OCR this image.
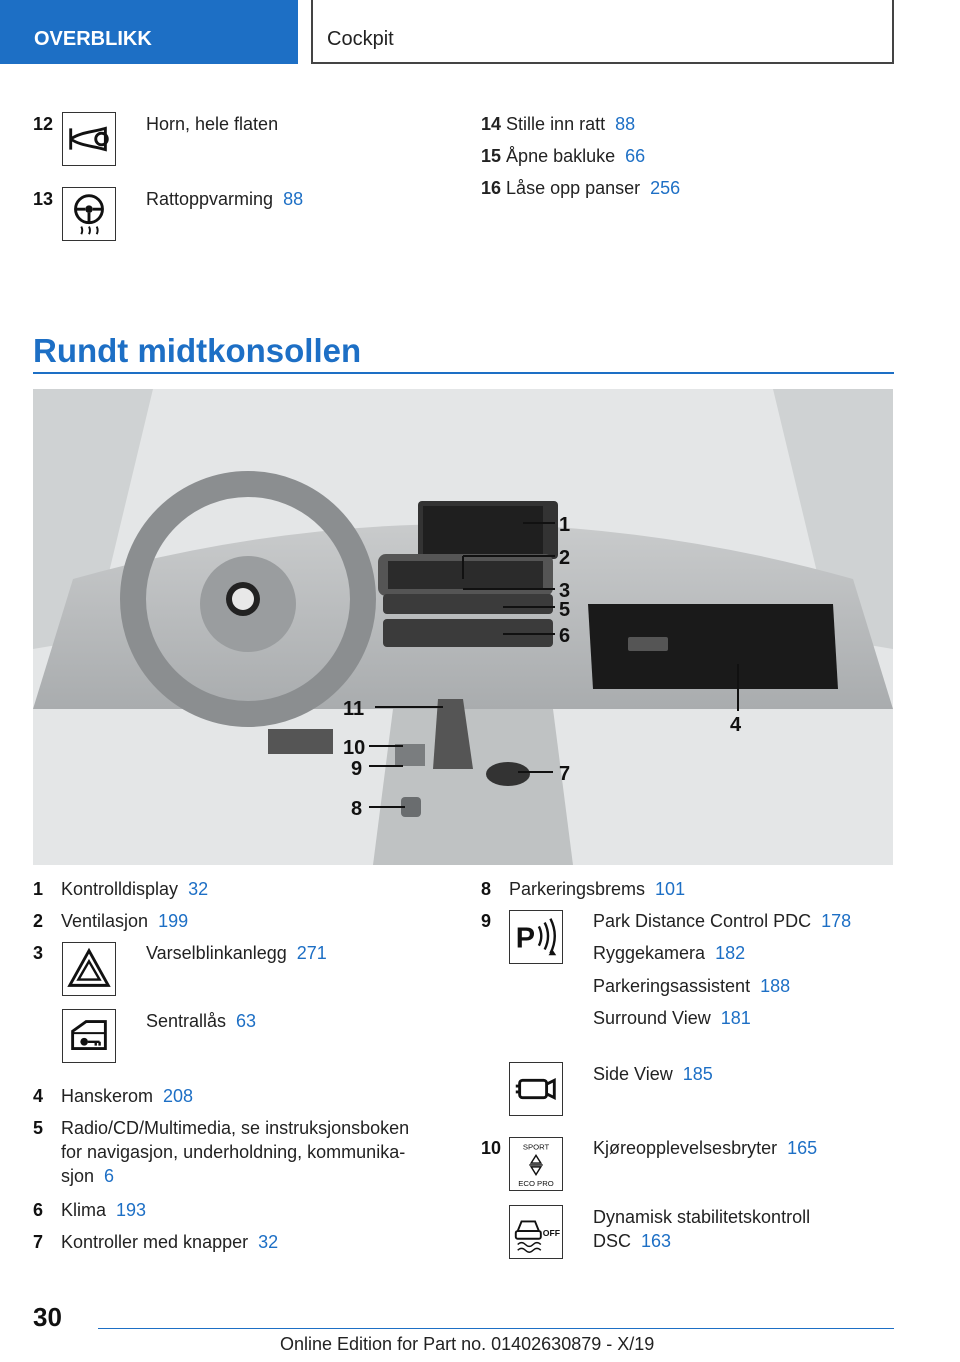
OVERBLIKK	Cockpit
12	Horn, hele flaten
13	Rattoppvarming 88
14 Stille inn ratt 88
15 Åpne bakluke 66
16 Låse opp panser 256
Rundt midtkonsollen
1
2
3
5
6
4
11
10
9	7
8
1 Kontrolldisplay 32
2 Ventilasjon 199
3	Varselblinkanlegg 271
Sentrallås 63
4 Hanskerom 208
5 Radio/CD/Multimedia, se instruksjonsboken
for navigasjon, underholdning, kommunika-
sjon 6
6 Klima 193
7 Kontroller med knapper 32
8 Parkeringsbrems 101
9
P
Park Distance Control PDC 178
Ryggekamera 182
Parkeringsassistent 188
Surround View 181
Side View 185
10	SPORT
ECO PRO
Kjøreopplevelsesbryter 165
OFF
Dynamisk stabilitetskontroll
DSC 163
30
Online Edition for Part no. 01402630879 - X/19
